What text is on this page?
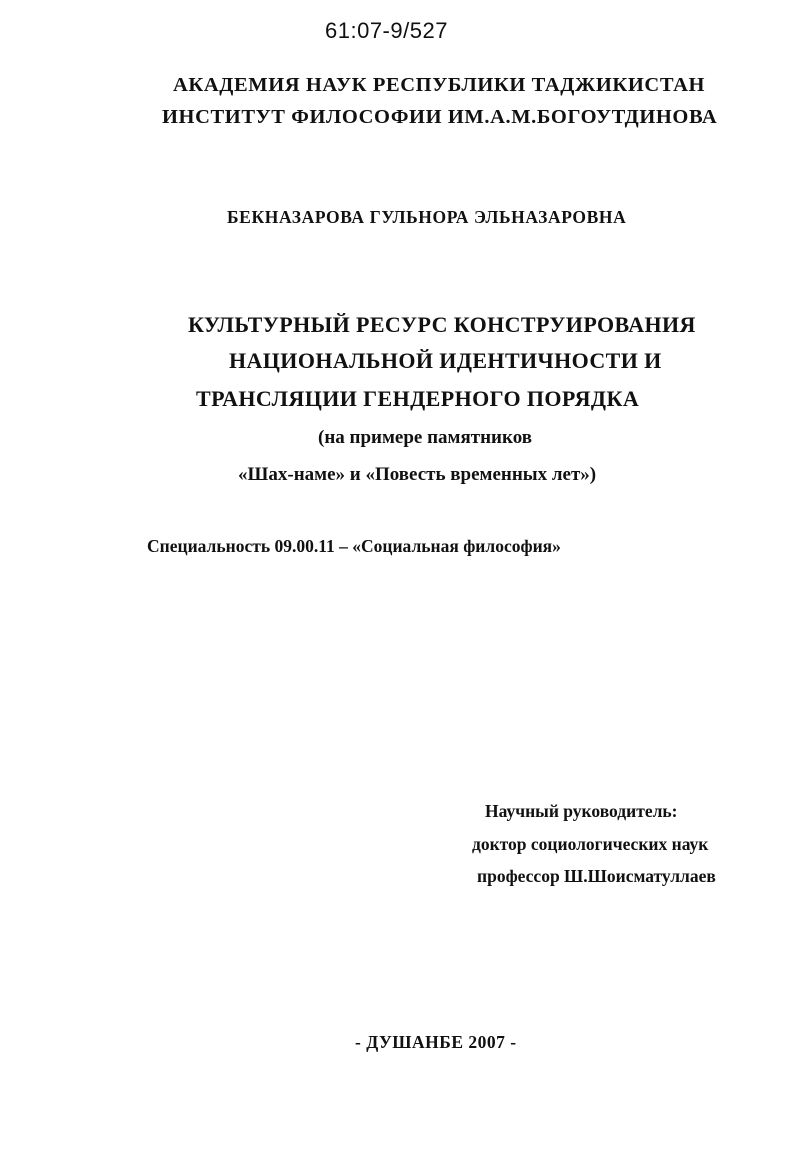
61:07-9/527
АКАДЕМИЯ НАУК РЕСПУБЛИКИ ТАДЖИКИСТАН
ИНСТИТУТ ФИЛОСОФИИ ИМ.А.М.БОГОУТДИНОВА
БЕКНАЗАРОВА ГУЛЬНОРА ЭЛЬНАЗАРОВНА
КУЛЬТУРНЫЙ РЕСУРС КОНСТРУИРОВАНИЯ
НАЦИОНАЛЬНОЙ ИДЕНТИЧНОСТИ И
ТРАНСЛЯЦИИ ГЕНДЕРНОГО ПОРЯДКА
(на примере памятников
«Шах-наме» и «Повесть временных лет»)
Специальность 09.00.11 – «Социальная философия»
Научный руководитель:
доктор социологических наук
профессор Ш.Шоисматуллаев
- ДУШАНБЕ 2007 -
